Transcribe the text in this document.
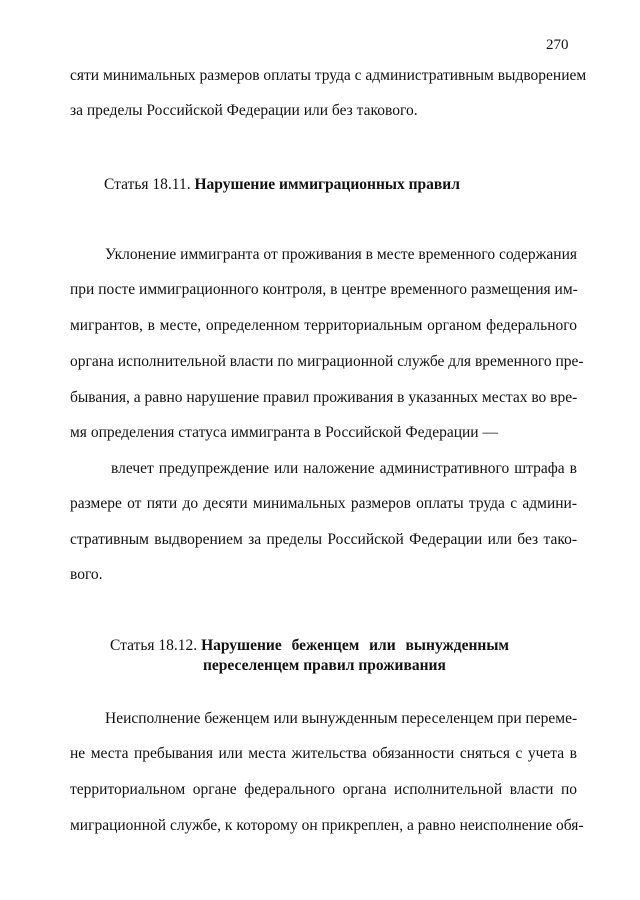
270
сяти минимальных размеров оплаты труда с административным выдворением
за пределы Российской Федерации или без такового.
Статья 18.11. Нарушение иммиграционных правил
Уклонение иммигранта от проживания в месте временного содержания
при посте иммиграционного контроля, в центре временного размещения им-
мигрантов, в месте, определенном территориальным органом федерального
органа исполнительной власти по миграционной службе для временного пре-
бывания, а равно нарушение правил проживания в указанных местах во вре-
мя определения статуса иммигранта в Российской Федерации —
влечет предупреждение или наложение административного штрафа в
размере от пяти до десяти минимальных размеров оплаты труда с админи-
стративным выдворением за пределы Российской Федерации или без тако-
вого.
Статья 18.12. Нарушение беженцем или вынужденным
переселенцем правил проживания
Неисполнение беженцем или вынужденным переселенцем при переме-
не места пребывания или места жительства обязанности сняться с учета в
территориальном органе федерального органа исполнительной власти по
миграционной службе, к которому он прикреплен, а равно неисполнение обя-
